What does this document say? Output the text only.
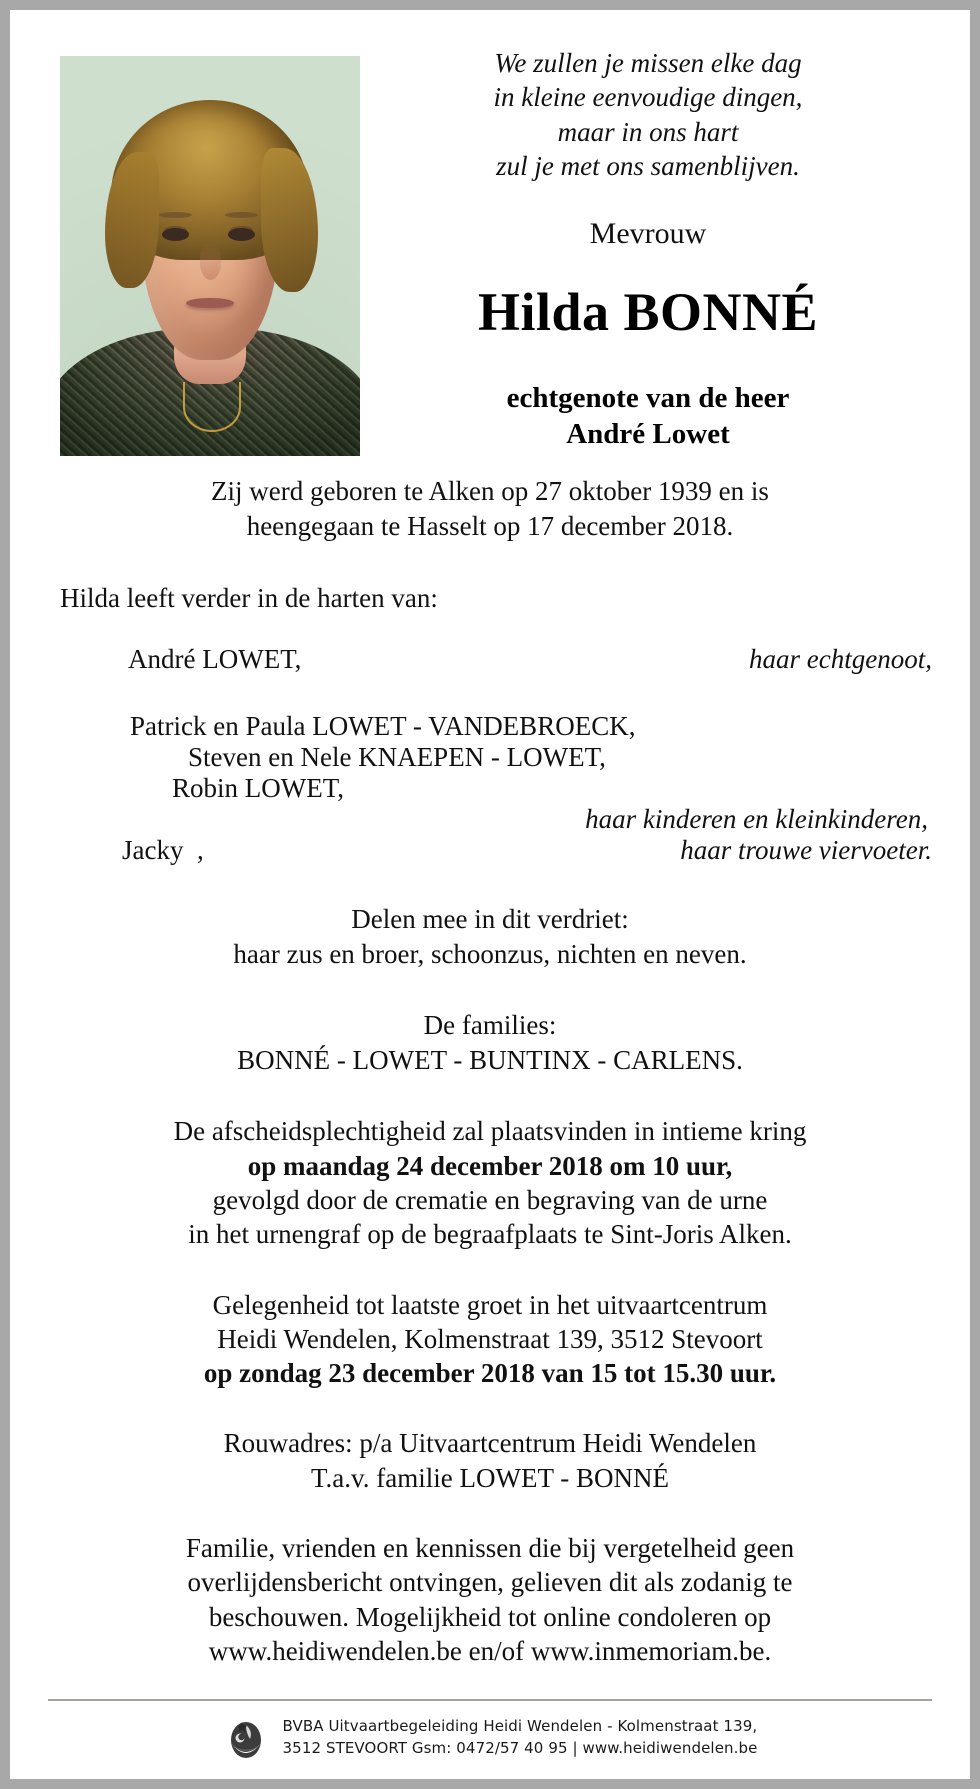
We zullen je missen elke dag
in kleine eenvoudige dingen,
maar in ons hart
zul je met ons samenblijven.
Mevrouw
Hilda BONNÉ
echtgenote van de heer
André Lowet
Zij werd geboren te Alken op 27 oktober 1939 en is
heengegaan te Hasselt op 17 december 2018.
Hilda leeft verder in de harten van:
André LOWET,	haar echtgenoot,
Patrick en Paula LOWET - VANDEBROECK,
Steven en Nele KNAEPEN - LOWET,
Robin LOWET,
haar kinderen en kleinkinderen,
Jacky  ,	haar trouwe viervoeter.
Delen mee in dit verdriet:
haar zus en broer, schoonzus, nichten en neven.
De families:
BONNÉ - LOWET - BUNTINX - CARLENS.
De afscheidsplechtigheid zal plaatsvinden in intieme kring
op maandag 24 december 2018 om 10 uur,
gevolgd door de crematie en begraving van de urne
in het urnengraf op de begraafplaats te Sint-Joris Alken.
Gelegenheid tot laatste groet in het uitvaartcentrum
Heidi Wendelen, Kolmenstraat 139, 3512 Stevoort
op zondag 23 december 2018 van 15 tot 15.30 uur.
Rouwadres: p/a Uitvaartcentrum Heidi Wendelen
T.a.v. familie LOWET - BONNÉ
Familie, vrienden en kennissen die bij vergetelheid geen
overlijdensbericht ontvingen, gelieven dit als zodanig te
beschouwen. Mogelijkheid tot online condoleren op
www.heidiwendelen.be en/of www.inmemoriam.be.
BVBA Uitvaartbegeleiding Heidi Wendelen - Kolmenstraat 139,
3512 STEVOORT Gsm: 0472/57 40 95 | www.heidiwendelen.be
